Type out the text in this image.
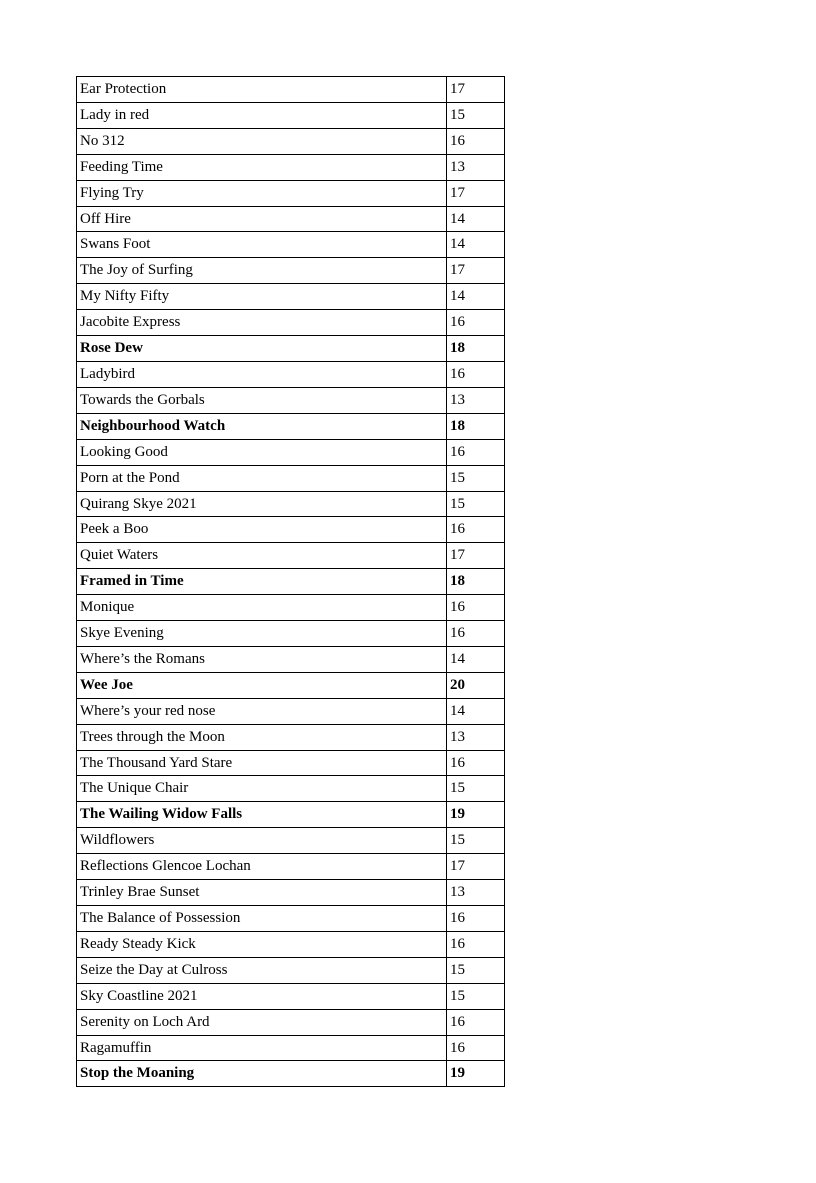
Ear Protection	17
Lady in red	15
No 312	16
Feeding Time	13
Flying Try	17
Off Hire	14
Swans Foot	14
The Joy of Surfing	17
My Nifty Fifty	14
Jacobite Express	16
Rose Dew	18
Ladybird	16
Towards the Gorbals	13
Neighbourhood Watch	18
Looking Good	16
Porn at the Pond	15
Quirang Skye 2021	15
Peek a Boo	16
Quiet Waters	17
Framed in Time	18
Monique	16
Skye Evening	16
Where’s the Romans	14
Wee Joe	20
Where’s your red nose	14
Trees through the Moon	13
The Thousand Yard Stare	16
The Unique Chair	15
The Wailing Widow Falls	19
Wildflowers	15
Reflections Glencoe Lochan	17
Trinley Brae Sunset	13
The Balance of Possession	16
Ready Steady Kick	16
Seize the Day at Culross	15
Sky Coastline 2021	15
Serenity on Loch Ard	16
Ragamuffin	16
Stop the Moaning	19
